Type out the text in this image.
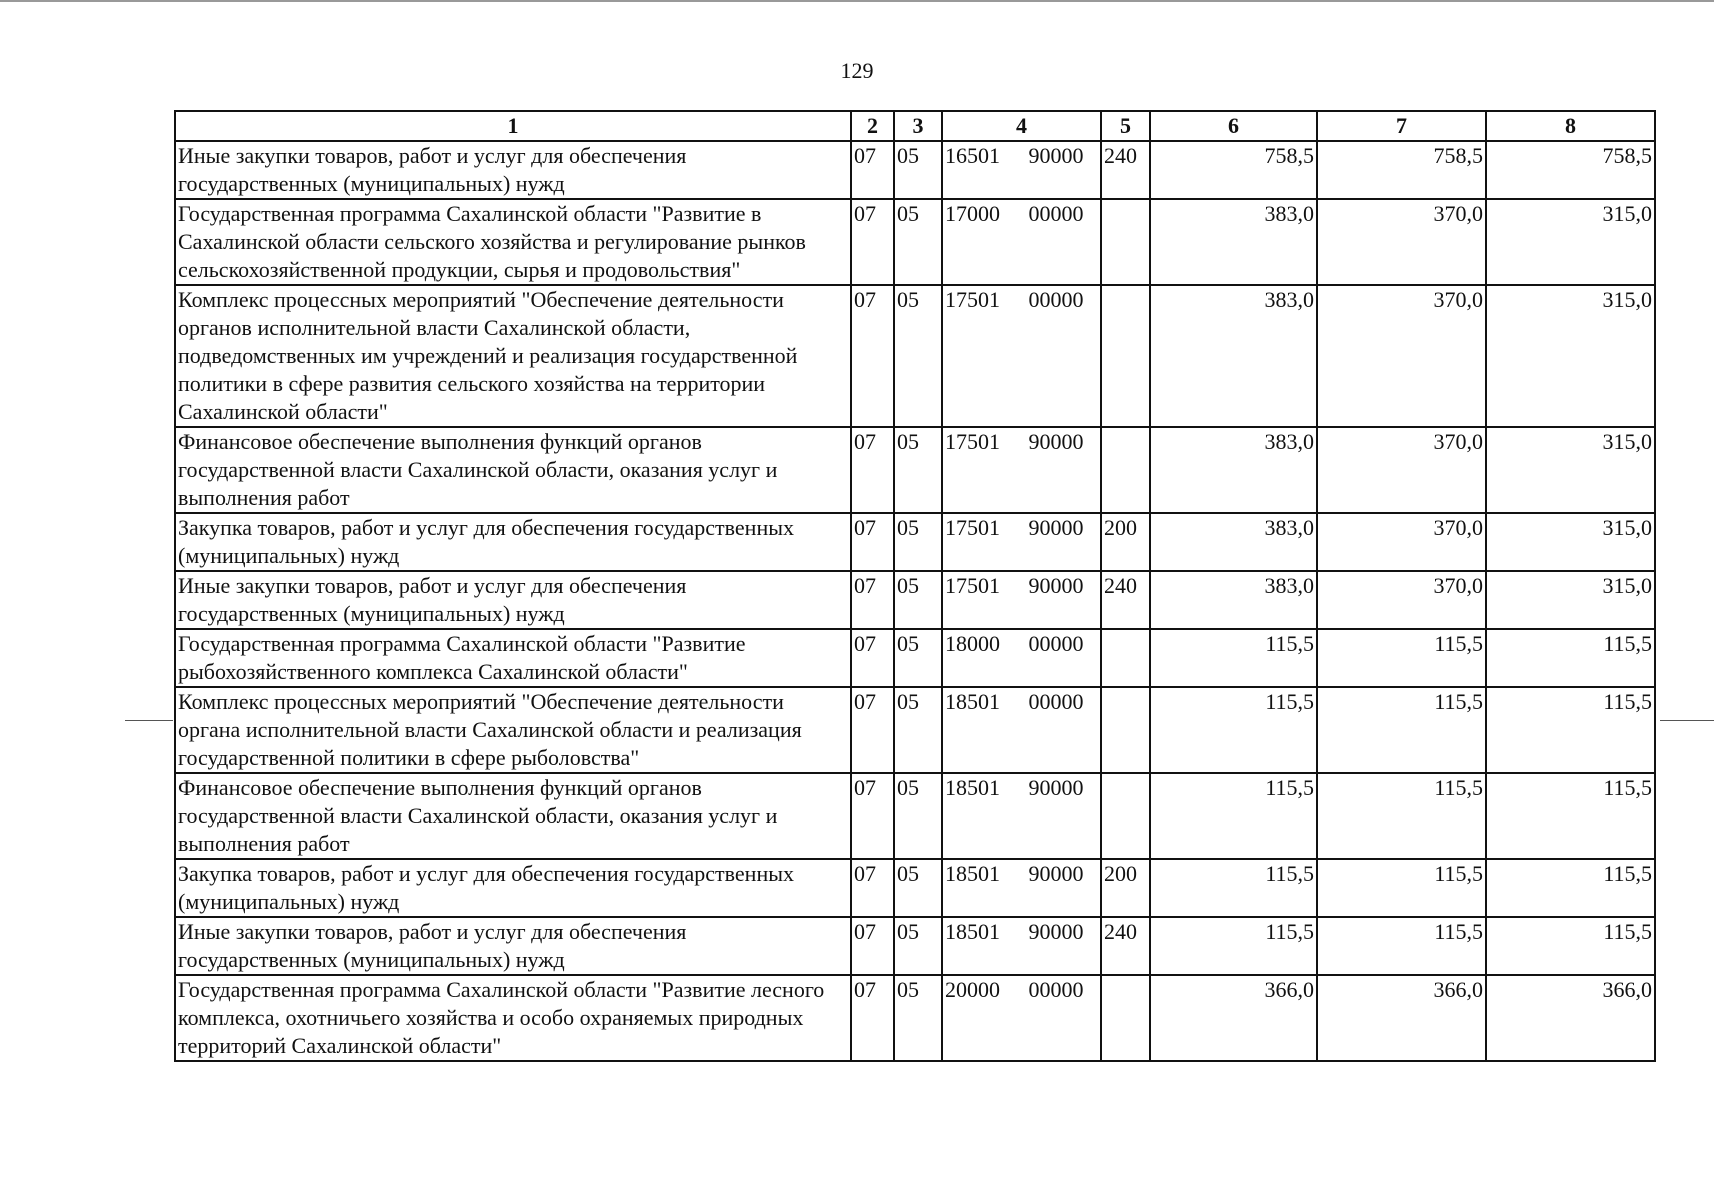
129
1	2	3	4	5	6	7	8
Иные закупки товаров, работ и услуг для обеспечения государственных (муниципальных) нужд	07	05	16501 90000	240	758,5	758,5	758,5
Государственная программа Сахалинской области "Развитие в Сахалинской области сельского хозяйства и регулирование рынков сельскохозяйственной продукции, сырья и продовольствия"	07	05	17000 00000		383,0	370,0	315,0
Комплекс процессных мероприятий "Обеспечение деятельности органов исполнительной власти Сахалинской области, подведомственных им учреждений и реализация государственной политики в сфере развития сельского хозяйства на территории Сахалинской области"	07	05	17501 00000		383,0	370,0	315,0
Финансовое обеспечение выполнения функций органов государственной власти Сахалинской области, оказания услуг и выполнения работ	07	05	17501 90000		383,0	370,0	315,0
Закупка товаров, работ и услуг для обеспечения государственных (муниципальных) нужд	07	05	17501 90000	200	383,0	370,0	315,0
Иные закупки товаров, работ и услуг для обеспечения государственных (муниципальных) нужд	07	05	17501 90000	240	383,0	370,0	315,0
Государственная программа Сахалинской области "Развитие рыбохозяйственного комплекса Сахалинской области"	07	05	18000 00000		115,5	115,5	115,5
Комплекс процессных мероприятий "Обеспечение деятельности органа исполнительной власти Сахалинской области и реализация государственной политики в сфере рыболовства"	07	05	18501 00000		115,5	115,5	115,5
Финансовое обеспечение выполнения функций органов государственной власти Сахалинской области, оказания услуг и выполнения работ	07	05	18501 90000		115,5	115,5	115,5
Закупка товаров, работ и услуг для обеспечения государственных (муниципальных) нужд	07	05	18501 90000	200	115,5	115,5	115,5
Иные закупки товаров, работ и услуг для обеспечения государственных (муниципальных) нужд	07	05	18501 90000	240	115,5	115,5	115,5
Государственная программа Сахалинской области "Развитие лесного комплекса, охотничьего хозяйства и особо охраняемых природных территорий Сахалинской области"	07	05	20000 00000		366,0	366,0	366,0
